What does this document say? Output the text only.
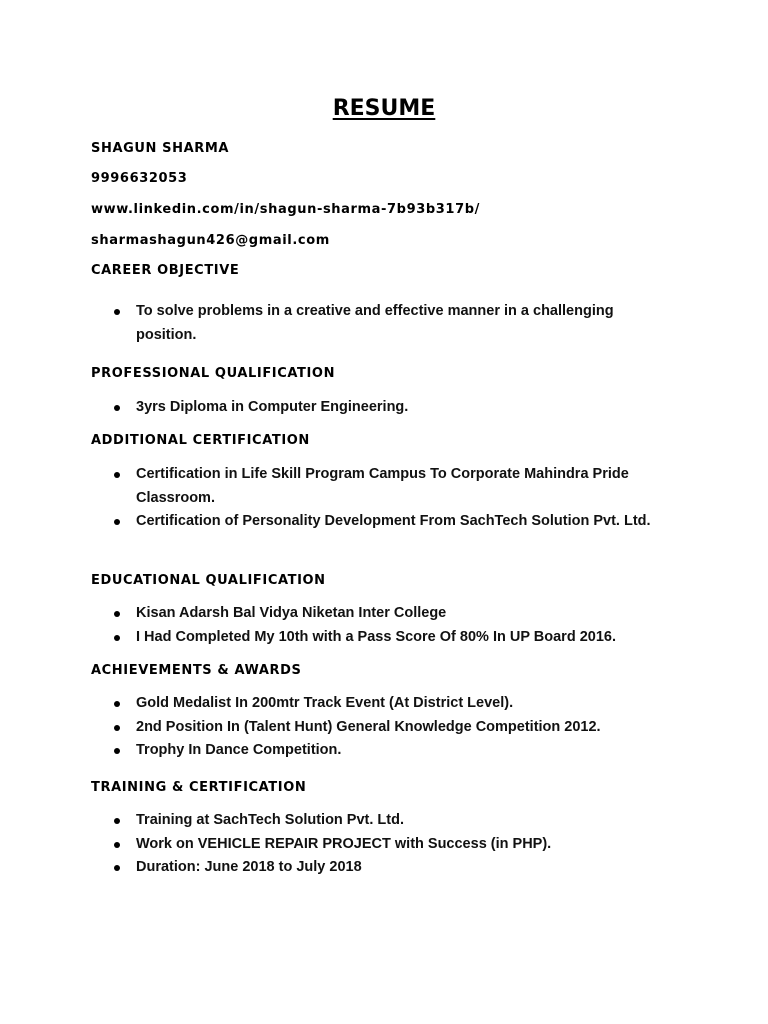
RESUME

SHAGUN SHARMA

9996632053

www.linkedin.com/in/shagun-sharma-7b93b317b/

sharmashagun426@gmail.com

CAREER OBJECTIVE

To solve problems in a creative and effective manner in a challenging position.

PROFESSIONAL QUALIFICATION

3yrs Diploma in Computer Engineering.

ADDITIONAL CERTIFICATION

Certification in Life Skill Program Campus To Corporate Mahindra Pride Classroom.
Certification of Personality Development From SachTech Solution Pvt. Ltd.

EDUCATIONAL QUALIFICATION

Kisan Adarsh Bal Vidya Niketan Inter College
I Had Completed My 10th with a Pass Score Of 80% In UP Board 2016.

ACHIEVEMENTS & AWARDS

Gold Medalist In 200mtr Track Event (At District Level).
2nd Position In (Talent Hunt) General Knowledge Competition 2012.
Trophy In Dance Competition.

TRAINING & CERTIFICATION

Training at SachTech Solution Pvt. Ltd.
Work on VEHICLE REPAIR PROJECT with Success (in PHP).
Duration: June 2018 to July 2018
